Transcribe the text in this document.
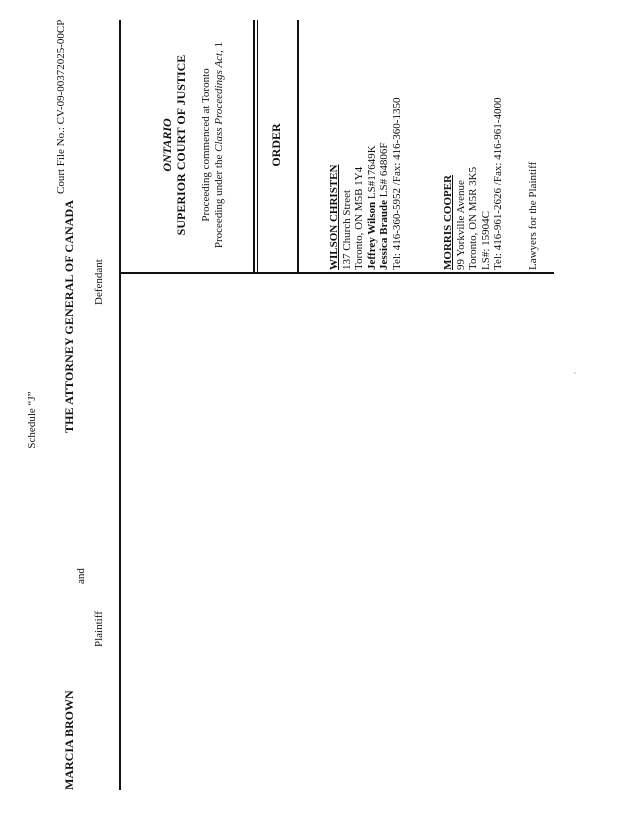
Schedule “J”
MARCIA BROWN
Plaintiff
and
THE ATTORNEY GENERAL OF CANADA Defendant
Court File No.: CV-09-00372025-00CP	ONTARIO SUPERIOR COURT OF JUSTICE Proceeding commenced at Toronto Proceeding under the Class Proceedings Act, 1
ORDER
WILSON CHRISTEN 137 Church Street Toronto, ON M5B 1Y4 Jeffrey Wilson LS#17649K
Jessica Braude LS# 64806F Tel: 416-360-5952 /Fax: 416-360-1350	MORRIS COOPER 99 Yorkville Avenue Toronto, ON M5R 3K5 LS#: 15904C Tel: 416-961-2626 /Fax: 416-961-4000 Lawyers for the Plaintiff
